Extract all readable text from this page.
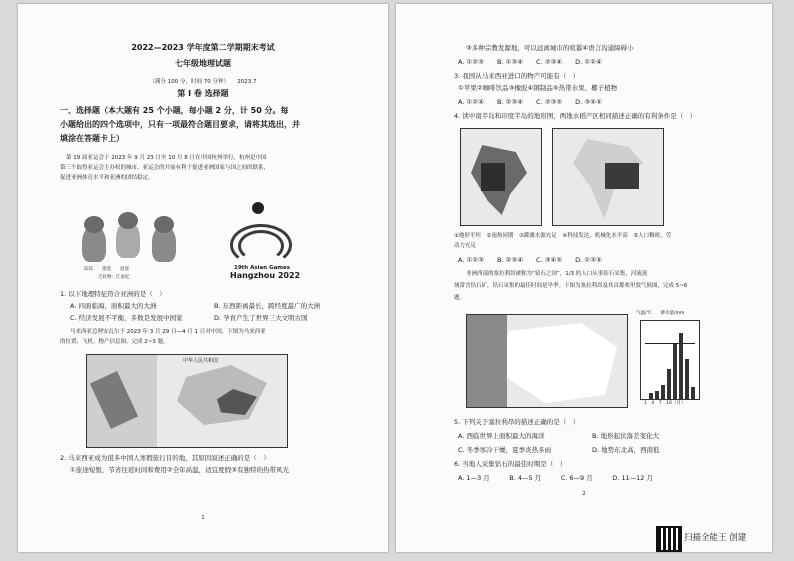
2022—2023 学年度第二学期期末考试
七年级地理试题
（满分 100 分，时间 70 分钟）　　2023.7
第 I 卷 选择题
一、选择题（本大题有 25 个小题，每小题 2 分，计 50 分。每
小题给出的四个选项中，只有一项最符合题目要求，请将其选出，并
填涂在答题卡上）
第 19 届亚运会于 2023 年 9 月 23 日至 10 月 8 日在中国杭州举行，杭州是中国
第三个取得亚运会主办权的城市。亚运会的开展有利于促进亚洲国家与国之间的联系，
促进亚洲体育水平和亚洲的团结稳定。
琮琮　　莲莲　　宸宸
吉祥物：江南忆
19th Asian Games
Hangzhou 2022
1. 以下地理特征符合亚洲的是（　）
A. 四面临海，面积最大的大洲	B. 东西距离最长，跨经度最广的大洲
C. 经济发展不平衡，多数是发展中国家	D. 孕育产生了世界三大文明古国
马来西亚总理安瓦尔于 2023 年 3 月 29 日—4 月 1 日对中国，下图为马来西亚
的位置、飞机、物产信息图，完成 2~3 题。
中华人民共和国
2. 马来西亚成为很多中国人寒假旅行目的地，其原因叙述正确的是（　）
①旅途短暂，节省往返时间和费用②全年高温，适宜度假③有独特的热带风光
1
③多种宗教发源地，可以远离城市的喧嚣④语言沟通障碍小
A. ①②③　　B. ①③④　　C. ②③④　　D. ①②④
3. 我国从马来西亚进口的物产可能有（　）
①苹果②咖啡饮品③橡胶④钢制品⑤热带水果、椰子植物
A. ①②④　　B. ②③④　　C. ②③⑤　　D. ③④⑤
4. 读中南半岛和印度半岛的地形图，两地水稻产区相同描述正确的有利条件是（　）
①地形平坦　②雨热同期　③灌溉水源充足　④科技发达，机械化水平高　⑤人口稠密，劳
动力充足
A. ①②③　　B. ②③④　　C. ③④⑤　　D. ①③⑤
非洲西部的塞拉利昂被称为“钻石之国”，1/3 的人口从事钻石采集，河流流
域常含钻石矿，钻石采集的最佳时间是旱季。下图为塞拉利昂及其首都弗里敦气候图，完成 5~6
题。
气温/℃　　降水量/mm
1　4　7　10（月）
5. 下列关于塞拉利昂的描述正确的是（　）
A. 西临世界上面积最大的海洋	B. 地形起伏落差变化大
C. 冬季寒冷干燥，夏季炎热多雨	D. 地势东北高，西南低
6. 当地人采集钻石的最佳时期是（　）
A. 1—3 月　　　B. 4—5 月　　　C. 6—9 月　　　D. 11—12 月
2
扫描全能王 创建
